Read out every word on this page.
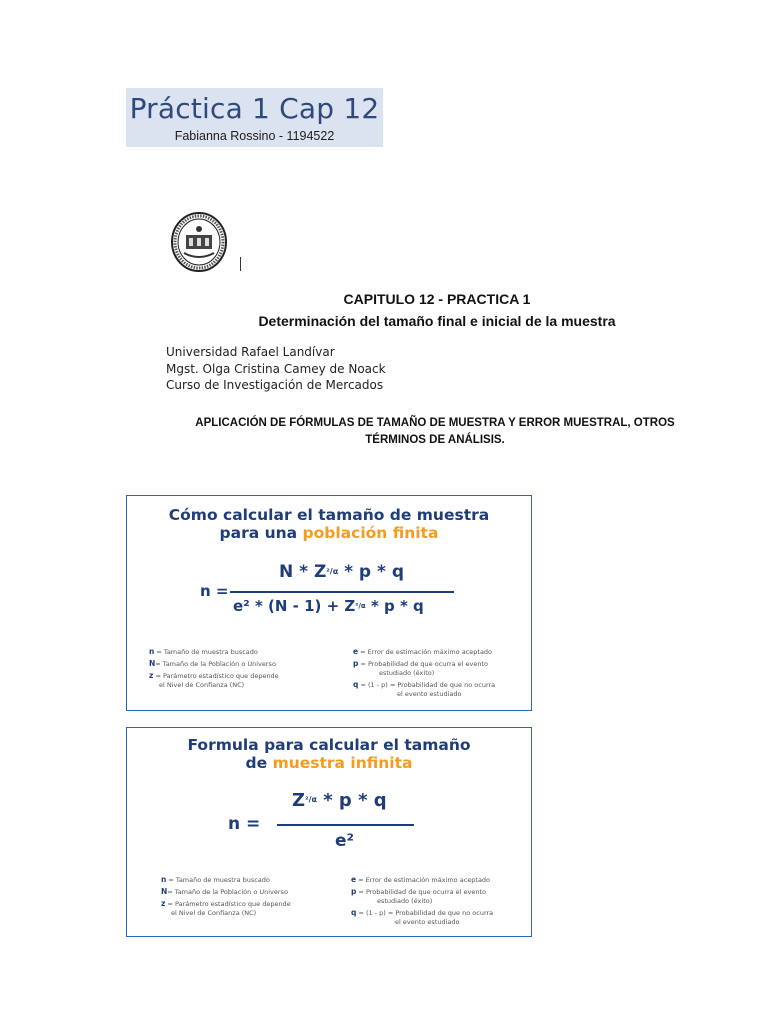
Práctica 1 Cap 12
Fabianna Rossino - 1194522
CAPITULO 12 - PRACTICA 1
Determinación del tamaño final e inicial de la muestra
Universidad Rafael Landívar
Mgst. Olga Cristina Camey de Noack
Curso de Investigación de Mercados
APLICACIÓN DE FÓRMULAS DE TAMAÑO DE MUESTRA Y ERROR MUESTRAL, OTROS
TÉRMINOS DE ANÁLISIS.
Cómo calcular el tamaño de muestra
para una población finita
n =
N * Z²/α * p * q
$e^2 * (N - 1) + Z^{^2/\alpha} * p * q$
n = Tamaño de muestra buscado
N= Tamaño de la Población o Universo
z = Parámetro estadístico que depende
el Nivel de Confianza (NC)
e = Error de estimación máximo aceptado
p = Probabilidad de que ocurra el evento
estudiado (éxito)
q = (1 - p) = Probabilidad de que no ocurra
el evento estudiado
Formula para calcular el tamaño
de muestra infinita
n =
$Z^{^2/\alpha}$ * p * q
e²
n = Tamaño de muestra buscado
N= Tamaño de la Población o Universo
z = Parámetro estadístico que depende
el Nivel de Confianza (NC)
e = Error de estimación máximo aceptado
p = Probabilidad de que ocurra el evento
estudiado (éxito)
q = (1 - p) = Probabilidad de que no ocurra
el evento estudiado
